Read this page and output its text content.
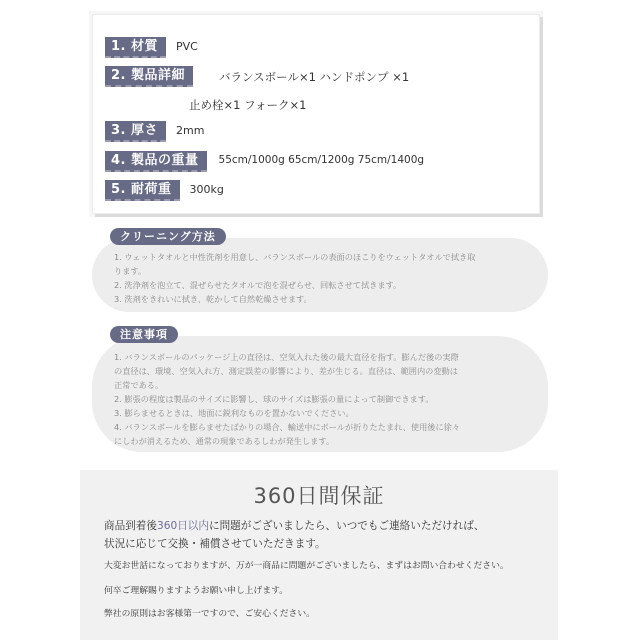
1. 材質	PVC
2. 製品詳細	バランスボール×1 ハンドポンプ ×1
止め栓×1 フォーク×1
3. 厚さ	2mm
4. 製品の重量	55cm/1000g 65cm/1200g 75cm/1400g
5. 耐荷重	300kg

1. ウェットタオルと中性洗剤を用意し、バランスボールの表面のほこりをウェットタオルで拭き取

ります。

2. 洗浄剤を泡立て、混ぜらせたタオルで泡を混ぜらせ、回転させて拭きます。

3. 洗剤をきれいに拭き、乾かして自然乾燥させます。

クリーニング方法

1. バランスボールのパッケージ上の直径は、空気入れた後の最大直径を指す。膨んだ後の実際

の直径は、環境、空気入れ方、測定誤差の影響により、差が生じる。直径は、範囲内の変動は

正常である。

2. 膨張の程度は製品のサイズに影響し、球のサイズは膨張の量によって制御できます。

3. 膨らませるときは、地面に鋭利なものを置かないでください。

4. バランスボールを膨らませたばかりの場合、輸送中にボールが折りたたまれ、使用後に徐々

にしわが消えるため、通常の現象であるしわが発生します。

注意事項
360日間保証
商品到着後360日以内に問題がございましたら、いつでもご連絡いただければ、
状況に応じて交換・補償させていただきます。
大変お世話になっておりますが、万が一商品に問題がございましたら、まずはお問い合わせください。
何卒ご理解賜りますようお願い申し上げます。
弊社の原則はお客様第一ですので、ご安心ください。
